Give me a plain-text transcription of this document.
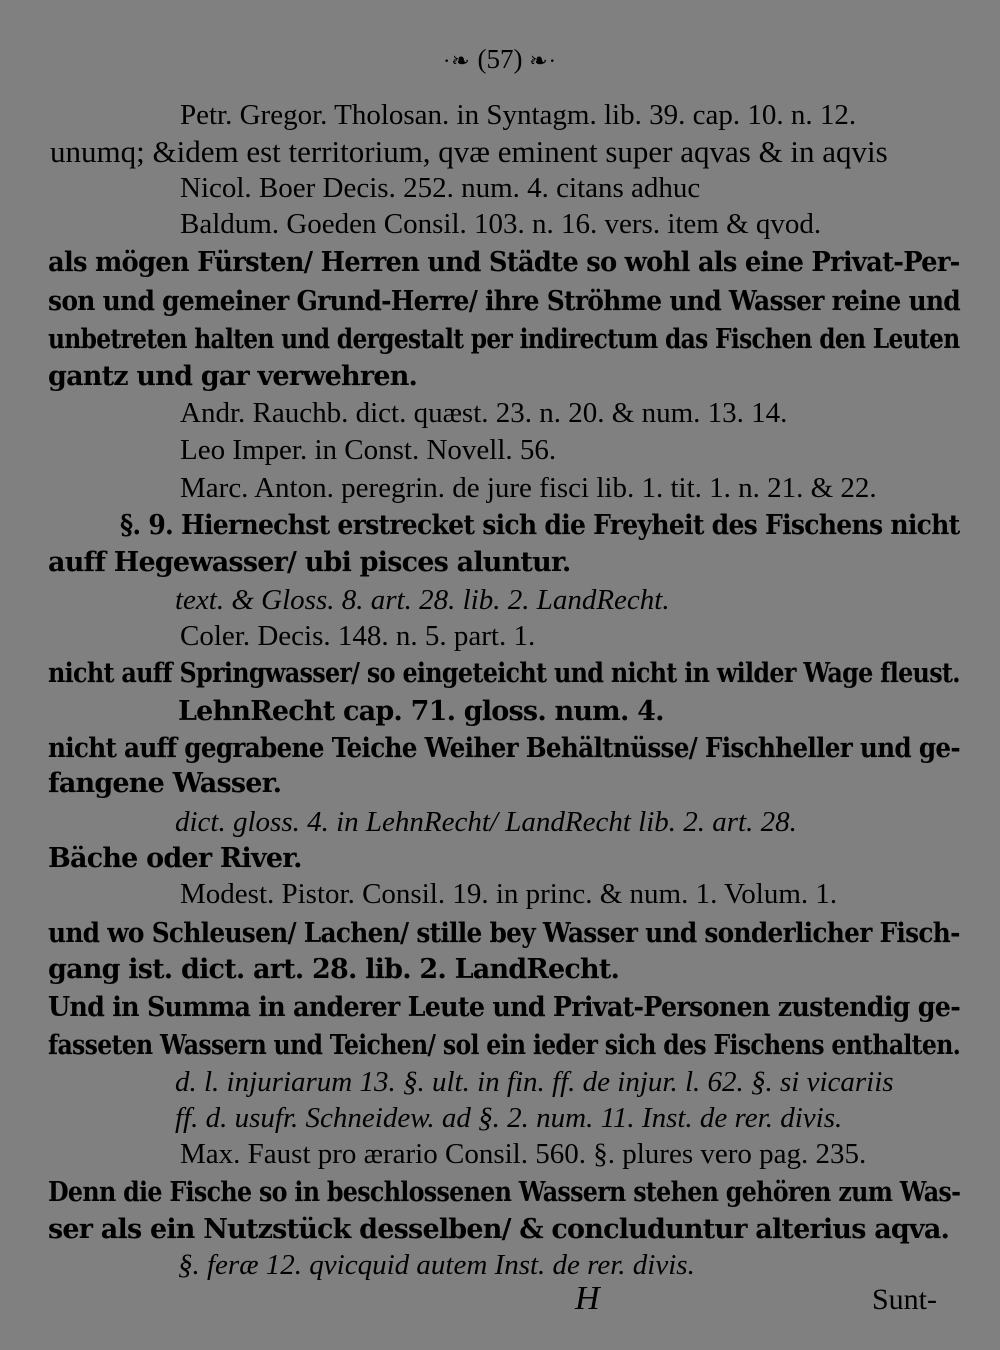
·❧ (57) ❧·
Petr. Gregor. Tholosan. in Syntagm. lib. 39. cap. 10. n. 12.
unumq; &idem est territorium, qvæ eminent super aqvas & in aqvis
Nicol. Boer Decis. 252. num. 4. citans adhuc
Baldum. Goeden Consil. 103. n. 16. vers. item & qvod.
als mögen Fürsten/ Herren und Städte so wohl als eine Privat-Per-
son und gemeiner Grund-Herre/ ihre Ströhme und Wasser reine und
unbetreten halten und dergestalt per indirectum das Fischen den Leuten
gantz und gar verwehren.
Andr. Rauchb. dict. quæst. 23. n. 20. & num. 13. 14.
Leo Imper. in Const. Novell. 56.
Marc. Anton. peregrin. de jure fisci lib. 1. tit. 1. n. 21. & 22.
§. 9. Hiernechst erstrecket sich die Freyheit des Fischens nicht
auff Hegewasser/ ubi pisces aluntur.
text. & Gloss. 8. art. 28. lib. 2. LandRecht.
Coler. Decis. 148. n. 5. part. 1.
nicht auff Springwasser/ so eingeteicht und nicht in wilder Wage fleust.
LehnRecht cap. 71. gloss. num. 4.
nicht auff gegrabene Teiche Weiher Behältnüsse/ Fischheller und ge-
fangene Wasser.
dict. gloss. 4. in LehnRecht/ LandRecht lib. 2. art. 28.
Bäche oder River.
Modest. Pistor. Consil. 19. in princ. & num. 1. Volum. 1.
und wo Schleusen/ Lachen/ stille bey Wasser und sonderlicher Fisch-
gang ist. dict. art. 28. lib. 2. LandRecht.
Und in Summa in anderer Leute und Privat-Personen zustendig ge-
fasseten Wassern und Teichen/ sol ein ieder sich des Fischens enthalten.
d. l. injuriarum 13. §. ult. in fin. ff. de injur. l. 62. §. si vicariis
ff. d. usufr. Schneidew. ad §. 2. num. 11. Inst. de rer. divis.
Max. Faust pro ærario Consil. 560. §. plures vero pag. 235.
Denn die Fische so in beschlossenen Wassern stehen gehören zum Was-
ser als ein Nutzstück desselben/ & concluduntur alterius aqva.
§. feræ 12. qvicquid autem Inst. de rer. divis.
H	Sunt-
